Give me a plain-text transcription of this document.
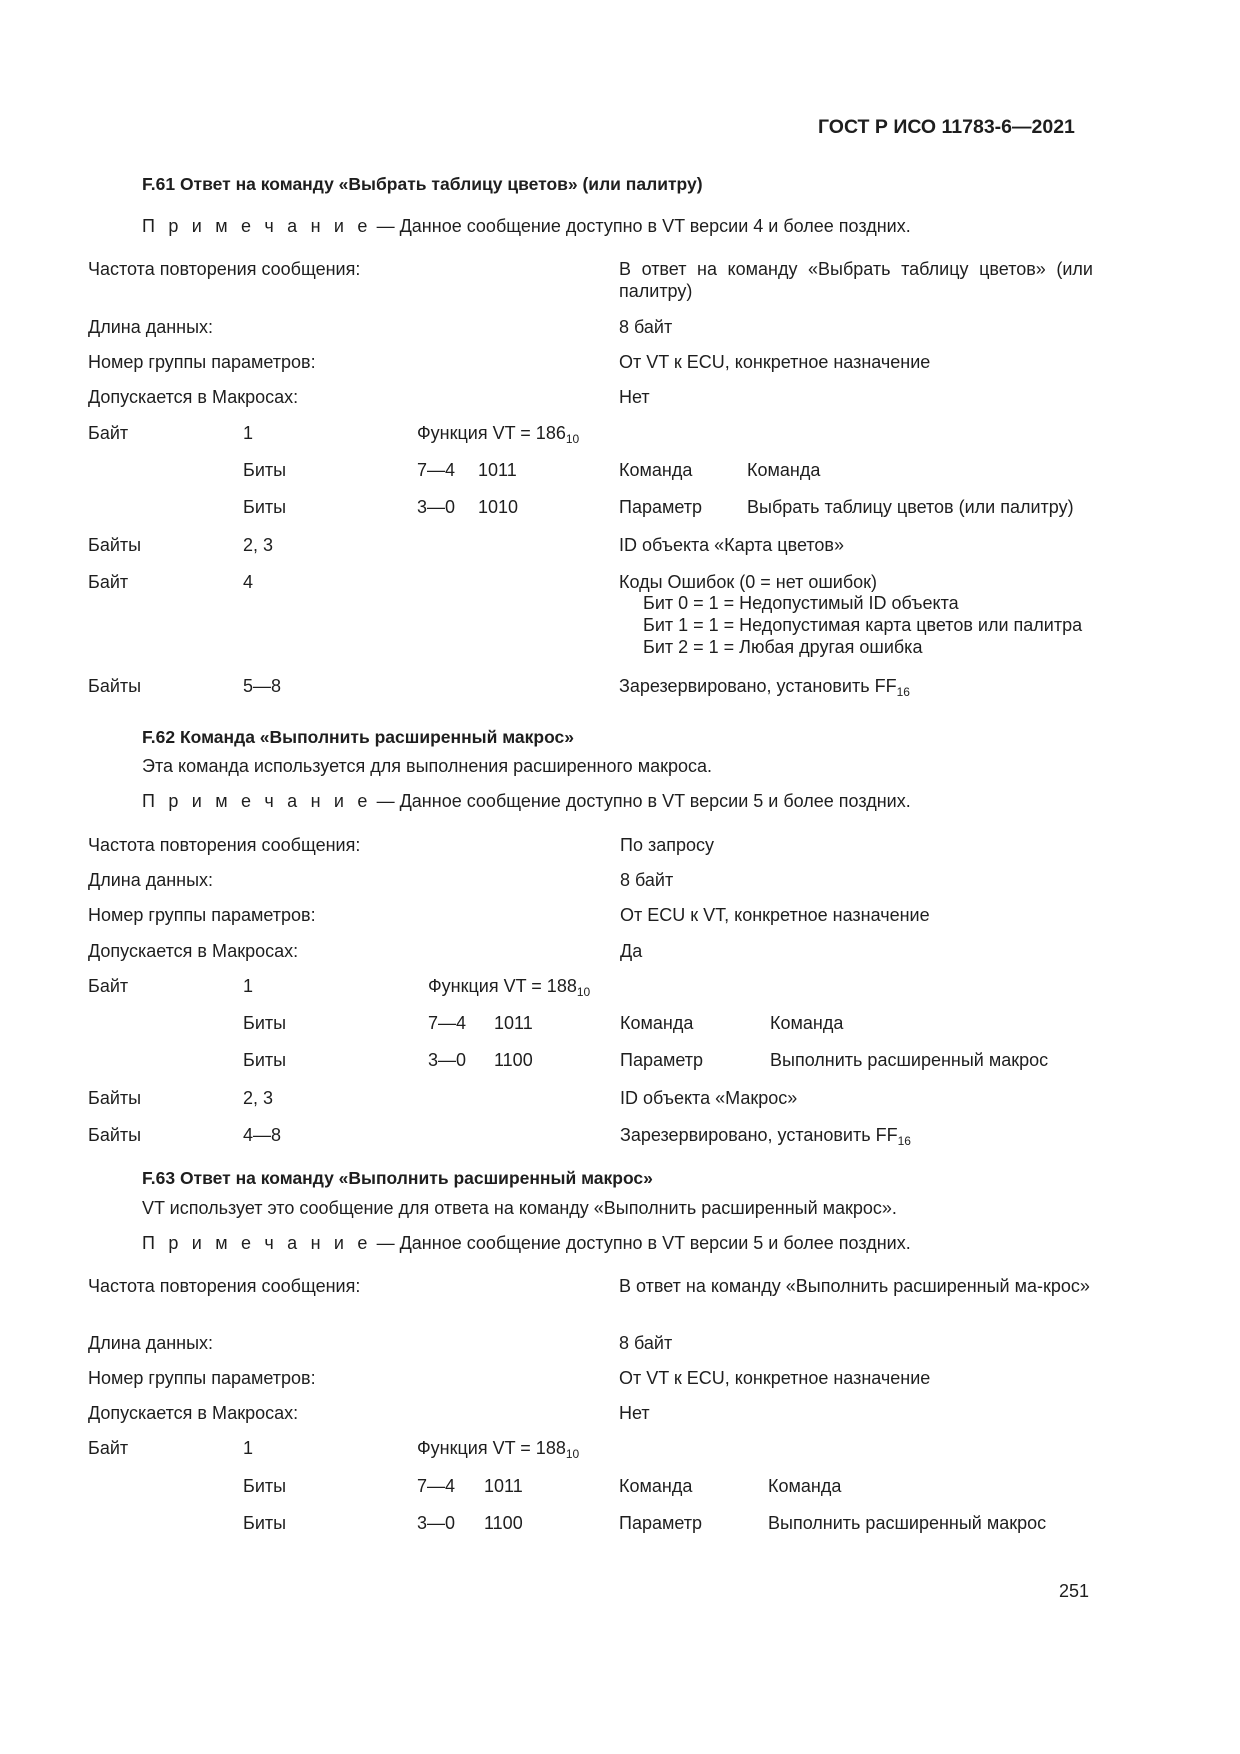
ГОСТ Р ИСО 11783-6—2021
F.61 Ответ на команду «Выбрать таблицу цветов» (или палитру)
П р и м е ч а н и е — Данное сообщение доступно в VT версии 4 и более поздних.
Частота повторения сообщения:	В ответ на команду «Выбрать таблицу цветов» (или палитру)
Длина данных:	8 байт
Номер группы параметров:	От VT к ECU, конкретное назначение
Допускается в Макросах:	Нет
Байт	1	Функция VT = $186_{10}$
Биты	7—4 1011	Команда	Команда
Биты	3—0 1010	Параметр Выбрать таблицу цветов (или палитру)
Байты	2, 3	ID объекта «Карта цветов»
Байт	4	Коды Ошибок (0 = нет ошибок)
Бит 0 = 1 = Недопустимый ID объекта
Бит 1 = 1 = Недопустимая карта цветов или палитра
Бит 2 = 1 = Любая другая ошибка
Байты	5—8	Зарезервировано, установить $FF_{16}$
F.62 Команда «Выполнить расширенный макрос»
Эта команда используется для выполнения расширенного макроса.
П р и м е ч а н и е — Данное сообщение доступно в VT версии 5 и более поздних.
Частота повторения сообщения:	По запросу
Длина данных:	8 байт
Номер группы параметров:	От ECU к VT, конкретное назначение
Допускается в Макросах:	Да
Байт	1	Функция VT = $188_{10}$
Биты	7—4 1011	Команда	Команда
Биты	3—0 1100	Параметр	Выполнить расширенный макрос
Байты	2, 3	ID объекта «Макрос»
Байты	4—8	Зарезервировано, установить $FF_{16}$
F.63 Ответ на команду «Выполнить расширенный макрос»
VT использует это сообщение для ответа на команду «Выполнить расширенный макрос».
П р и м е ч а н и е — Данное сообщение доступно в VT версии 5 и более поздних.
Частота повторения сообщения:	В ответ на команду «Выполнить расширенный ма-крос»
Длина данных:	8 байт
Номер группы параметров:	От VT к ECU, конкретное назначение
Допускается в Макросах:	Нет
Байт	1	Функция VT = $188_{10}$
Биты	7—4 1011	Команда	Команда
Биты	3—0 1100	Параметр	Выполнить расширенный макрос
251
